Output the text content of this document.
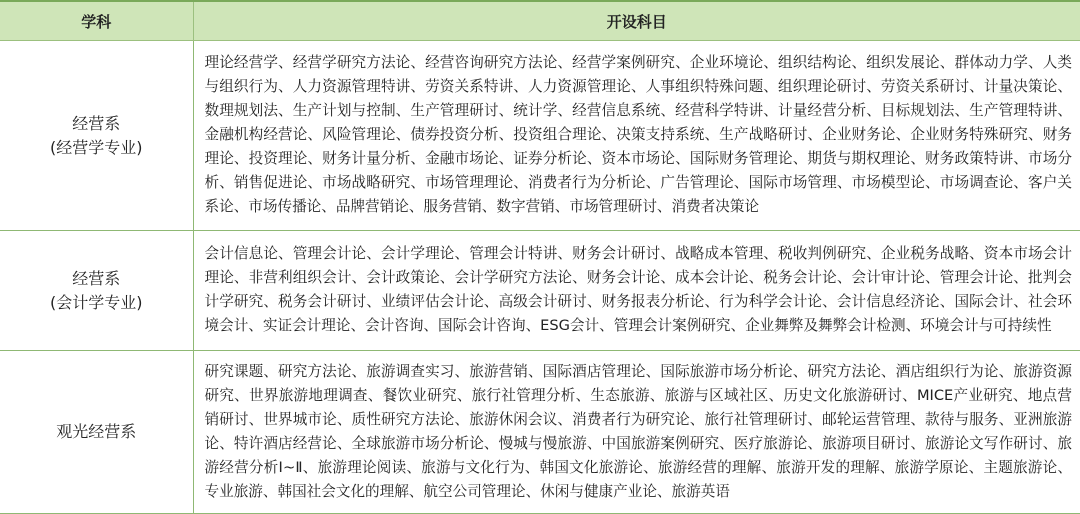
学科	开设科目

经营系
(经营学专业)	理论经营学、经营学研究方法论、经营咨询研究方法论、经营学案例研究、企业环境论、组织结构论、组织发展论、群体动力学、人类与组织行为、人力资源管理特讲、劳资关系特讲、人力资源管理论、人事组织特殊问题、组织理论研讨、劳资关系研讨、计量决策论、数理规划法、生产计划与控制、生产管理研讨、统计学、经营信息系统、经营科学特讲、计量经营分析、目标规划法、生产管理特讲、金融机构经营论、风险管理论、债券投资分析、投资组合理论、决策支持系统、生产战略研讨、企业财务论、企业财务特殊研究、财务理论、投资理论、财务计量分析、金融市场论、证券分析论、资本市场论、国际财务管理论、期货与期权理论、财务政策特讲、市场分析、销售促进论、市场战略研究、市场管理理论、消费者行为分析论、广告管理论、国际市场管理、市场模型论、市场调查论、客户关系论、市场传播论、品牌营销论、服务营销、数字营销、市场管理研讨、消费者决策论

经营系
(会计学专业)	会计信息论、管理会计论、会计学理论、管理会计特讲、财务会计研讨、战略成本管理、税收判例研究、企业税务战略、资本市场会计理论、非营利组织会计、会计政策论、会计学研究方法论、财务会计论、成本会计论、税务会计论、会计审计论、管理会计论、批判会计学研究、税务会计研讨、业绩评估会计论、高级会计研讨、财务报表分析论、行为科学会计论、会计信息经济论、国际会计、社会环境会计、实证会计理论、会计咨询、国际会计咨询、ESG会计、管理会计案例研究、企业舞弊及舞弊会计检测、环境会计与可持续性

观光经营系	研究课题、研究方法论、旅游调查实习、旅游营销、国际酒店管理论、国际旅游市场分析论、研究方法论、酒店组织行为论、旅游资源研究、世界旅游地理调查、餐饮业研究、旅行社管理分析、生态旅游、旅游与区域社区、历史文化旅游研讨、MICE产业研究、地点营销研讨、世界城市论、质性研究方法论、旅游休闲会议、消费者行为研究论、旅行社管理研讨、邮轮运营管理、款待与服务、亚洲旅游论、特许酒店经营论、全球旅游市场分析论、慢城与慢旅游、中国旅游案例研究、医疗旅游论、旅游项目研讨、旅游论文写作研讨、旅游经营分析Ⅰ~Ⅱ、旅游理论阅读、旅游与文化行为、韩国文化旅游论、旅游经营的理解、旅游开发的理解、旅游学原论、主题旅游论、专业旅游、韩国社会文化的理解、航空公司管理论、休闲与健康产业论、旅游英语
